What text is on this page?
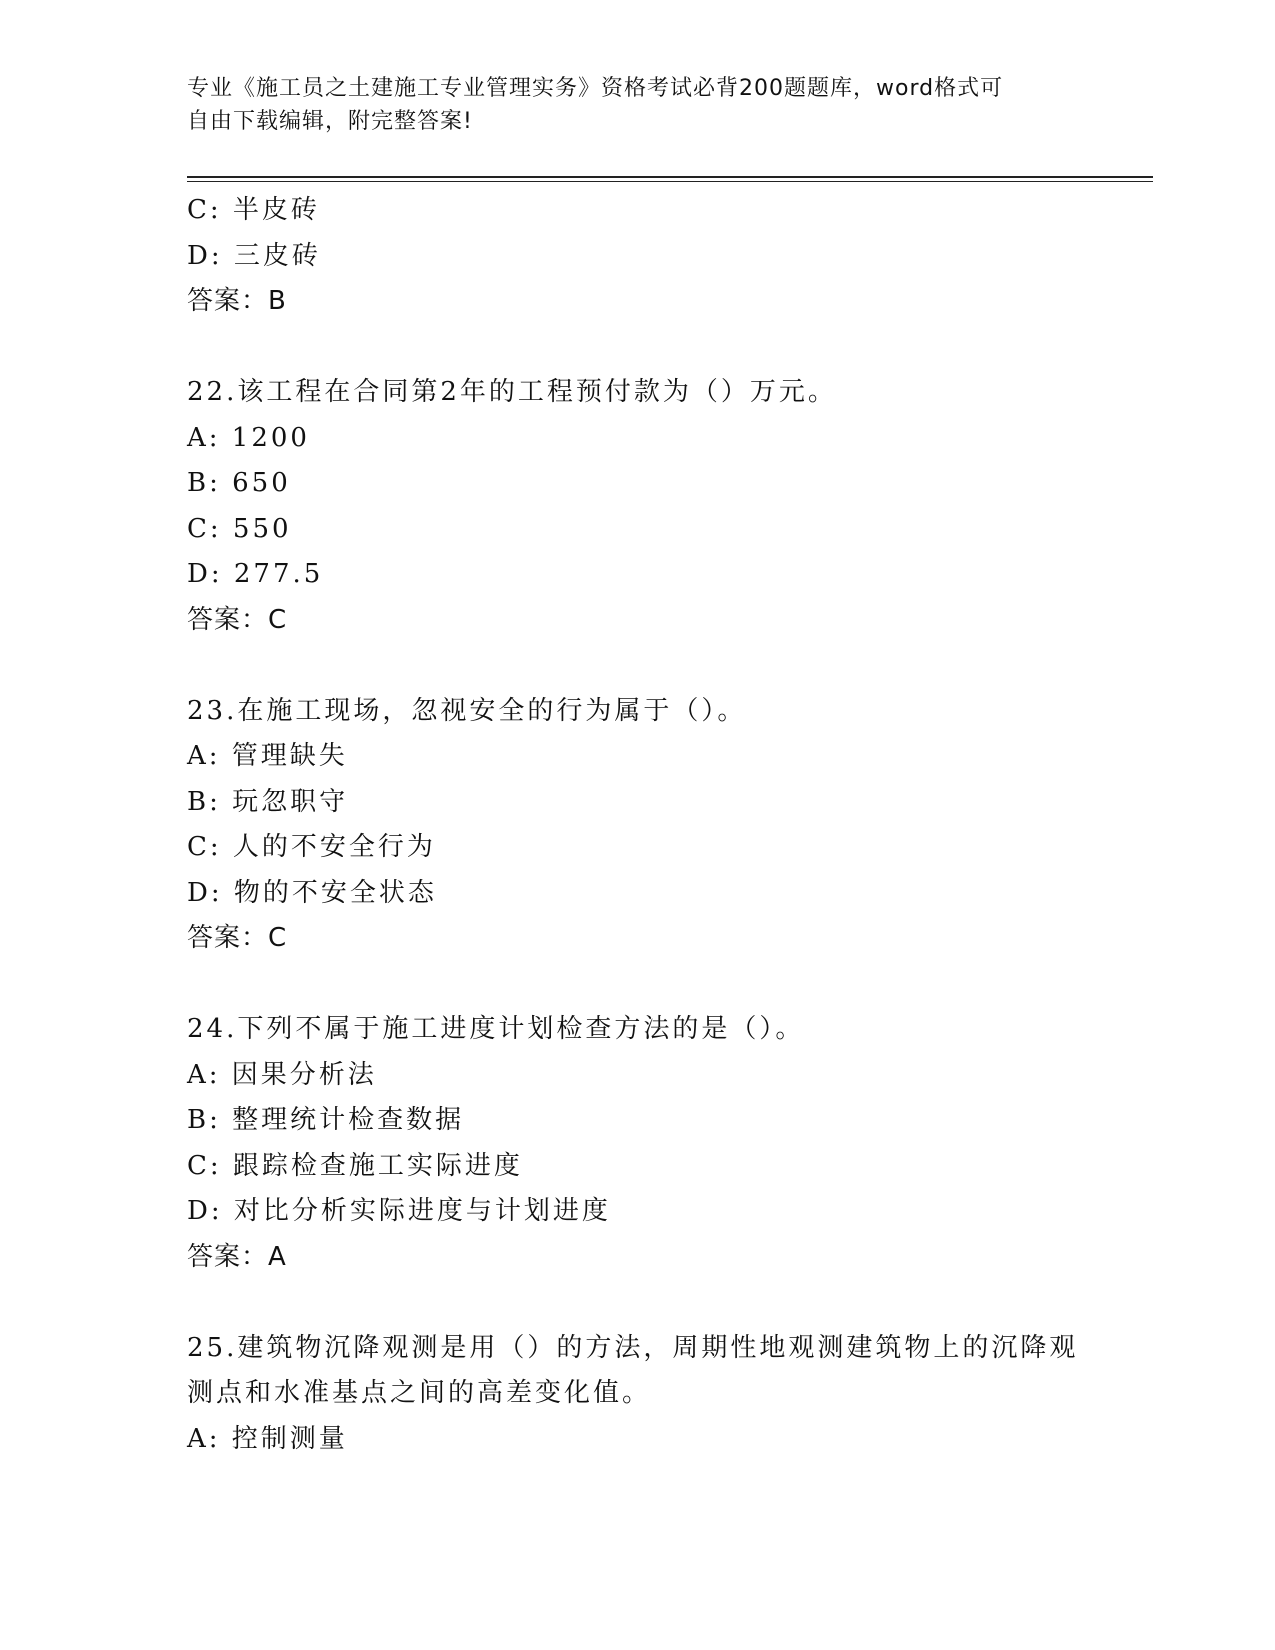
专业《施工员之土建施工专业管理实务》资格考试必背200题题库，word格式可
自由下载编辑，附完整答案!
C: 半皮砖
D: 三皮砖
答案：B
22.该工程在合同第2年的工程预付款为（）万元。
A: 1200
B: 650
C: 550
D: 277.5
答案：C
23.在施工现场，忽视安全的行为属于（）。
A: 管理缺失
B: 玩忽职守
C: 人的不安全行为
D: 物的不安全状态
答案：C
24.下列不属于施工进度计划检查方法的是（）。
A: 因果分析法
B: 整理统计检查数据
C: 跟踪检查施工实际进度
D: 对比分析实际进度与计划进度
答案：A
25.建筑物沉降观测是用（）的方法，周期性地观测建筑物上的沉降观
测点和水准基点之间的高差变化值。
A: 控制测量
